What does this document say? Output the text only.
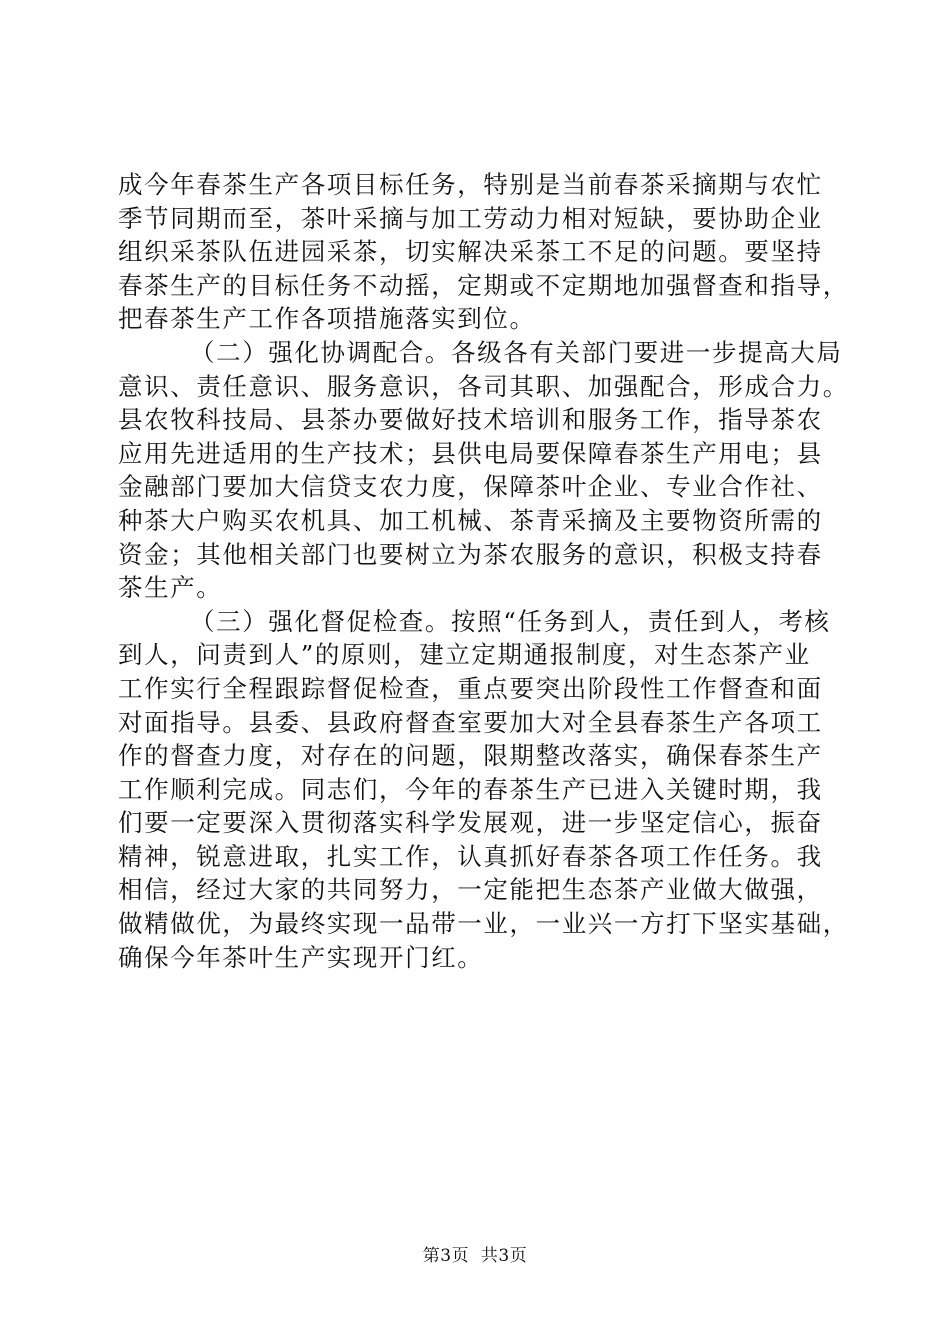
成今年春茶生产各项目标任务，特别是当前春茶采摘期与农忙
季节同期而至，茶叶采摘与加工劳动力相对短缺，要协助企业
组织采茶队伍进园采茶，切实解决采茶工不足的问题。要坚持
春茶生产的目标任务不动摇，定期或不定期地加强督查和指导，
把春茶生产工作各项措施落实到位。
（二）强化协调配合。各级各有关部门要进一步提高大局
意识、责任意识、服务意识，各司其职、加强配合，形成合力。
县农牧科技局、县茶办要做好技术培训和服务工作，指导茶农
应用先进适用的生产技术；县供电局要保障春茶生产用电；县
金融部门要加大信贷支农力度，保障茶叶企业、专业合作社、
种茶大户购买农机具、加工机械、茶青采摘及主要物资所需的
资金；其他相关部门也要树立为茶农服务的意识，积极支持春
茶生产。
（三）强化督促检查。按照“任务到人，责任到人，考核
到人，问责到人”的原则，建立定期通报制度，对生态茶产业
工作实行全程跟踪督促检查，重点要突出阶段性工作督查和面
对面指导。县委、县政府督查室要加大对全县春茶生产各项工
作的督查力度，对存在的问题，限期整改落实，确保春茶生产
工作顺利完成。同志们，今年的春茶生产已进入关键时期，我
们要一定要深入贯彻落实科学发展观，进一步坚定信心，振奋
精神，锐意进取，扎实工作，认真抓好春茶各项工作任务。我
相信，经过大家的共同努力，一定能把生态茶产业做大做强，
做精做优，为最终实现一品带一业，一业兴一方打下坚实基础，
确保今年茶叶生产实现开门红。
第3页  共3页
